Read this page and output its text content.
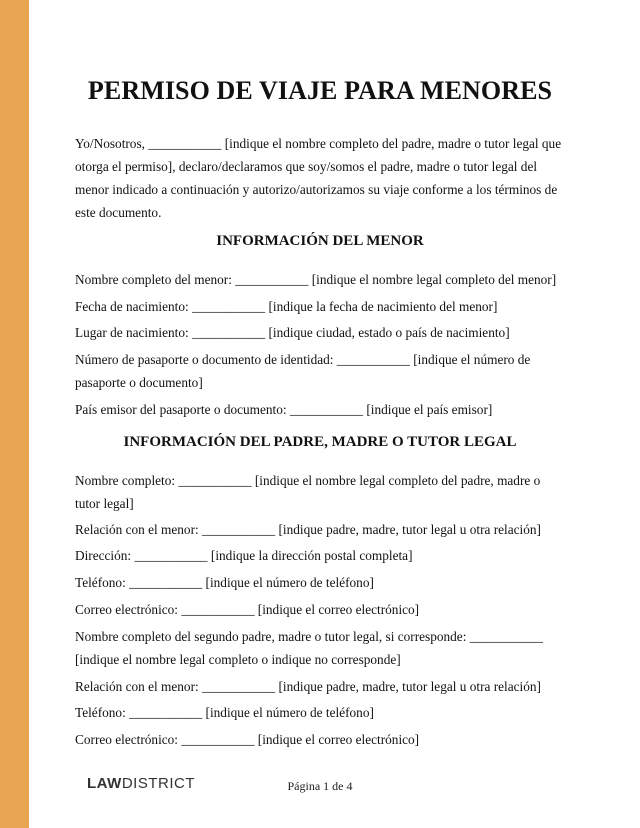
PERMISO DE VIAJE PARA MENORES

Yo/Nosotros, ___________ [indique el nombre completo del padre, madre o tutor legal que otorga el permiso], declaro/declaramos que soy/somos el padre, madre o tutor legal del menor indicado a continuación y autorizo/autorizamos su viaje conforme a los términos de este documento.

INFORMACIÓN DEL MENOR

Nombre completo del menor: ___________ [indique el nombre legal completo del menor]

Fecha de nacimiento: ___________ [indique la fecha de nacimiento del menor]

Lugar de nacimiento: ___________ [indique ciudad, estado o país de nacimiento]

Número de pasaporte o documento de identidad: ___________ [indique el número de pasaporte o documento]

País emisor del pasaporte o documento: ___________ [indique el país emisor]

INFORMACIÓN DEL PADRE, MADRE O TUTOR LEGAL

Nombre completo: ___________ [indique el nombre legal completo del padre, madre o tutor legal]

Relación con el menor: ___________ [indique padre, madre, tutor legal u otra relación]

Dirección: ___________ [indique la dirección postal completa]

Teléfono: ___________ [indique el número de teléfono]

Correo electrónico: ___________ [indique el correo electrónico]

Nombre completo del segundo padre, madre o tutor legal, si corresponde: ___________ [indique el nombre legal completo o indique no corresponde]

Relación con el menor: ___________ [indique padre, madre, tutor legal u otra relación]

Teléfono: ___________ [indique el número de teléfono]

Correo electrónico: ___________ [indique el correo electrónico]

LAWDISTRICT	Página 1 de 4
